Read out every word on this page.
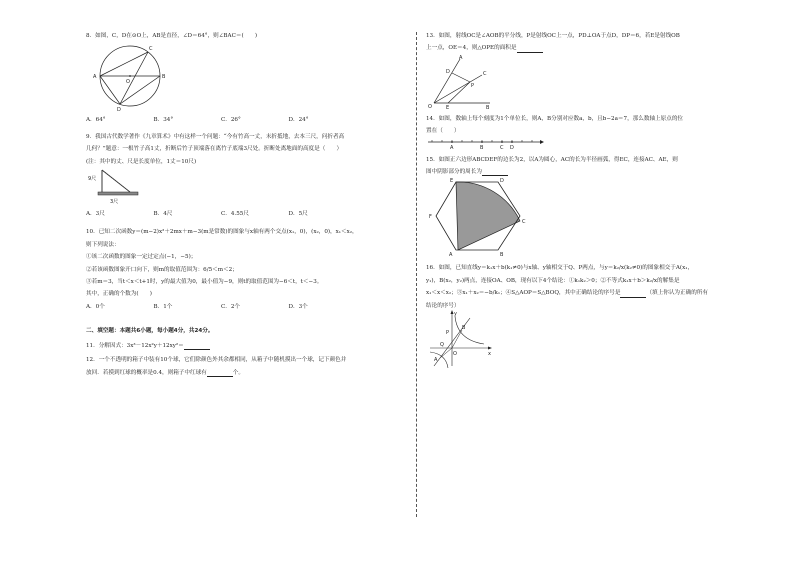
8．如图，C，D在⊙O上，AB是直径，∠D＝64°，则∠BAC＝(　　)

C
A
O
B
D
A．64°	B．34°	C．26°	D．24°

9．我国古代数学著作《九章算术》中有这样一个问题：“今有竹高一丈，末折抵地，去本三尺，问折者高

几何？”题意：一根竹子高1丈，折断后竹子顶端落在离竹子底端3尺处。折断处离地面的高度是（　　）

(注：其中的丈、尺是长度单位，1丈＝10尺)

9尺
3尺
A．3尺	B．4尺	C．4.55尺	D．5尺

10．已知二次函数y＝(m−2)x²＋2mx＋m−3(m是常数)的图象与x轴有两个交点(x₁，0)，(x₂，0)，x₁＜x₂，

则下列说法：

①该二次函数的图象一定过定点(−1，−5)；

②若该函数图象开口向下，则m的取值范围为：6/5＜m＜2；

③若m＝3，当t＜x＜t+1时，y的最大值为0，最小值为−9，则t的取值范围为−6＜t，t＜−3。

其中，正确的个数为(　　)

A．0个	B．1个	C．2个	D．3个

二、填空题：本题共6小题，每小题4分，共24分。

11．分解因式：3x³－12x²y＋12xy²＝

12．一个不透明的箱子中装有10个球，它们除颜色外其余都相同，从箱子中随机摸出一个球，记下颜色并

放回．若摸到红球的概率是0.4，则箱子中红球有	个。

13．如图，射线OC是∠AOB的平分线，P是射线OC上一点，PD⊥OA于点D，DP＝6，若E是射线OB

上一点，OE＝4，则△OPE的面积是

A
D	C
P
O	E	B

14．如图，数轴上每个刻度为1个单位长，则A，B分别对应数a，b，且b−2a＝7，那么数轴上原点的位

置在（　　）

A	B	C D

15．如图正六边形ABCDEF的边长为2，以A为圆心，AC的长为半径画弧，得EC，连接AC、AE，则

图中阴影部分的周长为

E	D
F
C
A	B

16．如图，已知直线y＝k₁x＋b(k₁≠0)与x轴、y轴相交于Q、P两点，与y＝k₂/x(k₂≠0)的图象相交于A(x₁，

y₁)，B(x₂，y₂)两点，连接OA、OB，现有以下4个结论：①k₁k₂＞0；②不等式k₁x＋b＞k₂/x的解集是

x₁＜x＜x₂；③x₁＋x₂＝−b/k₁；④S△AOP＝S△BOQ，其中正确结论的序号是	（填上你认为正确的所有

结论的序号）

y
B
P
O
A
Q
x
